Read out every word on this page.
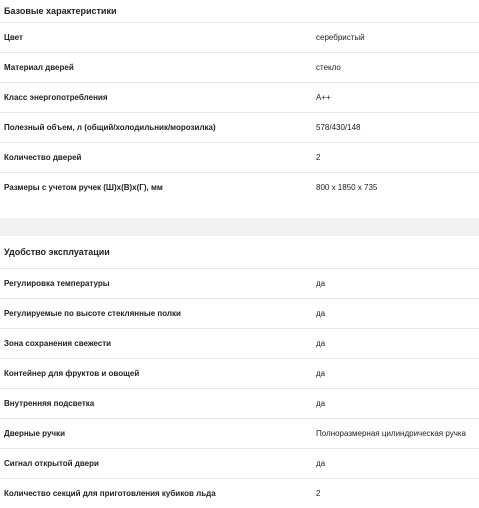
Базовые характеристики
Цвет	серебристый
Материал дверей	стекло
Класс энергопотребления	A++
Полезный объем, л (общий/холодильник/морозилка)	578/430/148
Количество дверей	2
Размеры с учетом ручек (Ш)x(В)x(Г), мм	800 x 1850 x 735
Удобство эксплуатации
Регулировка температуры	да
Регулируемые по высоте стеклянные полки	да
Зона сохранения свежести	да
Контейнер для фруктов и овощей	да
Внутренняя подсветка	да
Дверные ручки	Полноразмерная цилиндрическая ручка
Сигнал открытой двери	да
Количество секций для приготовления кубиков льда	2
